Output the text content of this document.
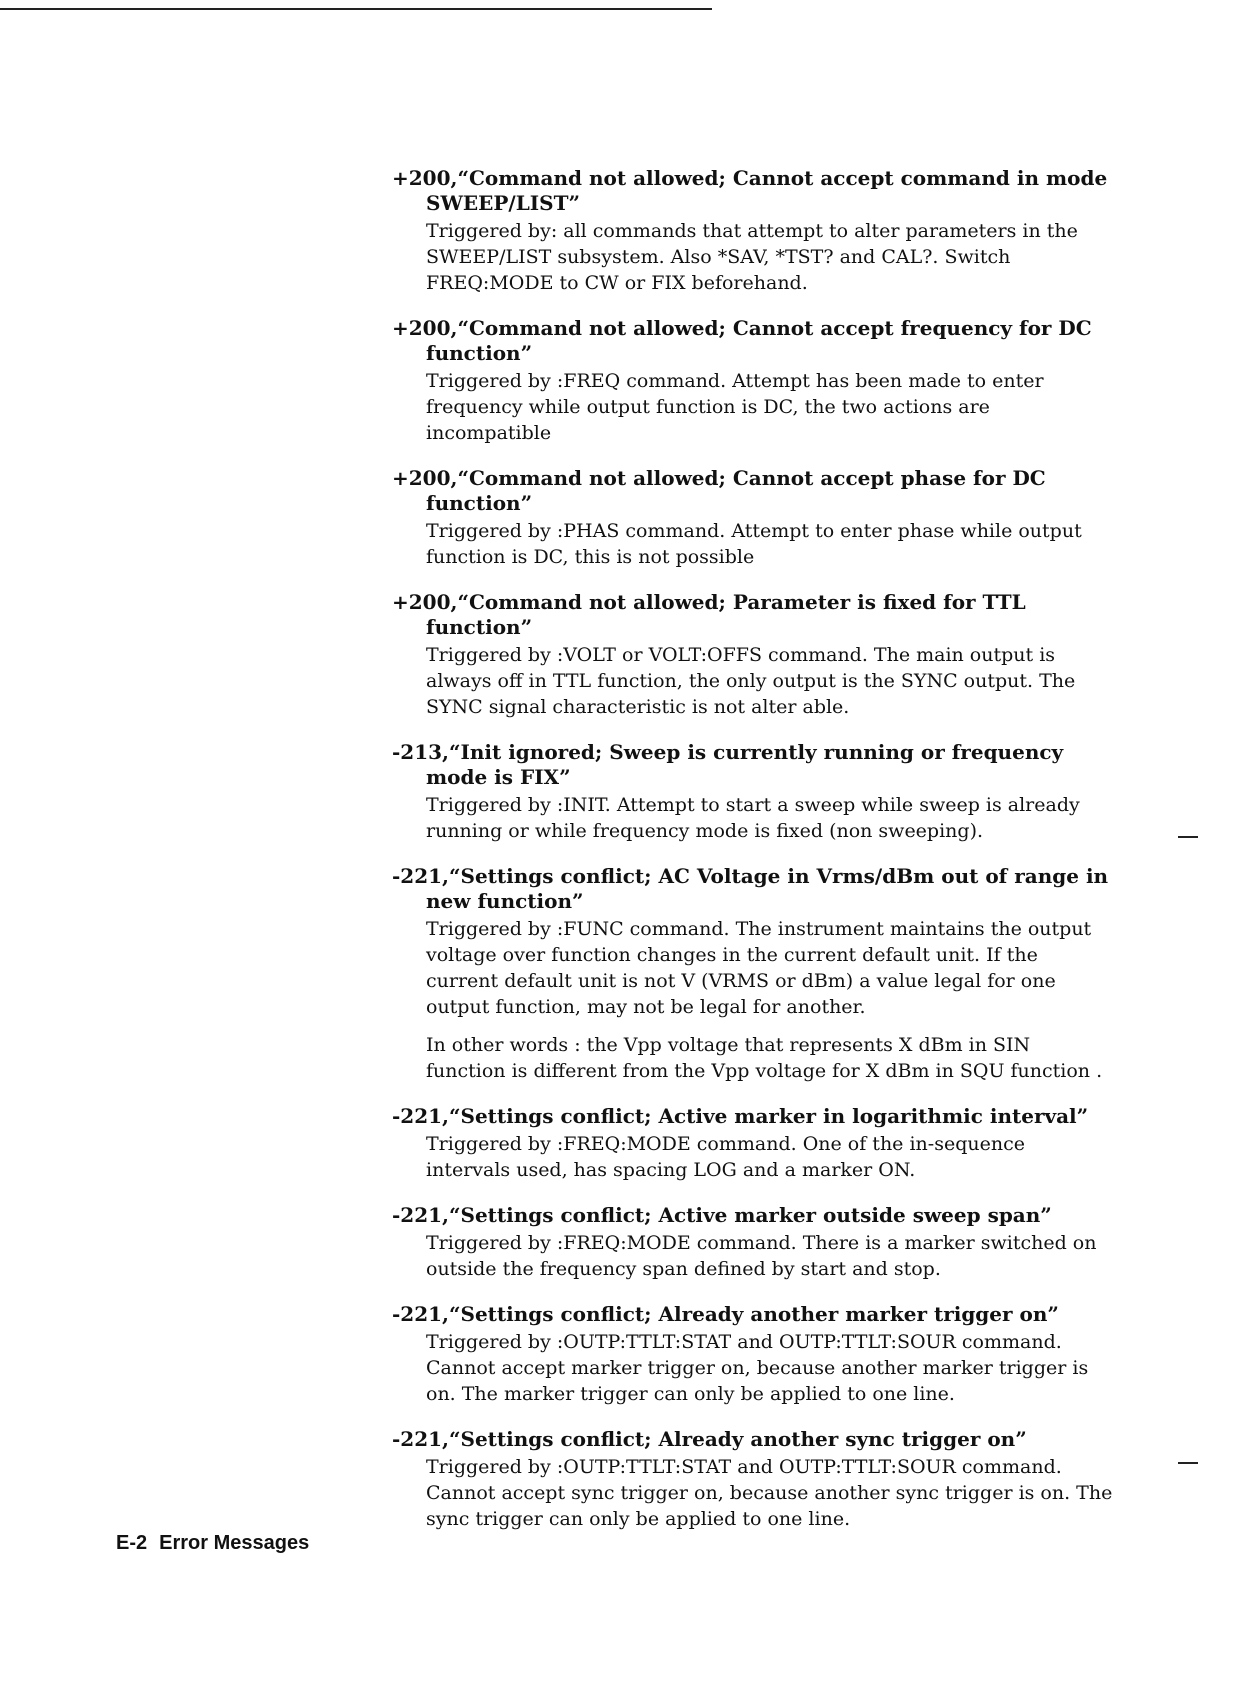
+200,“Command not allowed; Cannot accept command in mode SWEEP/LIST”

Triggered by: all commands that attempt to alter parameters in the SWEEP/LIST subsystem. Also *SAV, *TST? and CAL?. Switch FREQ:MODE to CW or FIX beforehand.

+200,“Command not allowed; Cannot accept frequency for DC function”

Triggered by :FREQ command. Attempt has been made to enter frequency while output function is DC, the two actions are incompatible

+200,“Command not allowed; Cannot accept phase for DC function”

Triggered by :PHAS command. Attempt to enter phase while output function is DC, this is not possible

+200,“Command not allowed; Parameter is fixed for TTL function”

Triggered by :VOLT or VOLT:OFFS command. The main output is always off in TTL function, the only output is the SYNC output. The SYNC signal characteristic is not alter able.

-213,“Init ignored; Sweep is currently running or frequency mode is FIX”

Triggered by :INIT. Attempt to start a sweep while sweep is already running or while frequency mode is fixed (non sweeping).

-221,“Settings conflict; AC Voltage in Vrms/dBm out of range in new function”

Triggered by :FUNC command. The instrument maintains the output voltage over function changes in the current default unit. If the current default unit is not V (VRMS or dBm) a value legal for one output function, may not be legal for another.

In other words : the Vpp voltage that represents X dBm in SIN function is different from the Vpp voltage for X dBm in SQU function .

-221,“Settings conflict; Active marker in logarithmic interval”

Triggered by :FREQ:MODE command. One of the in-sequence intervals used, has spacing LOG and a marker ON.

-221,“Settings conflict; Active marker outside sweep span”

Triggered by :FREQ:MODE command. There is a marker switched on outside the frequency span defined by start and stop.

-221,“Settings conflict; Already another marker trigger on”

Triggered by :OUTP:TTLT:STAT and OUTP:TTLT:SOUR command. Cannot accept marker trigger on, because another marker trigger is on. The marker trigger can only be applied to one line.

-221,“Settings conflict; Already another sync trigger on”

Triggered by :OUTP:TTLT:STAT and OUTP:TTLT:SOUR command. Cannot accept sync trigger on, because another sync trigger is on. The sync trigger can only be applied to one line.

E-2 Error Messages
